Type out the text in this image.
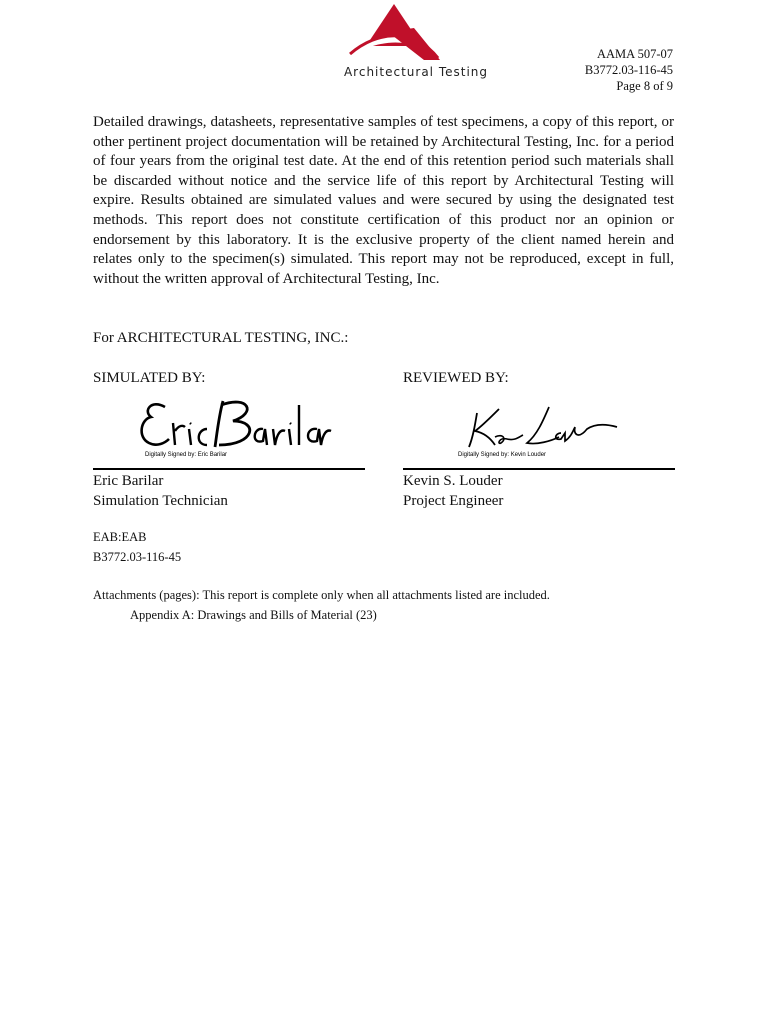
Architectural Testing
AAMA 507-07
B3772.03-116-45
Page 8 of 9
Detailed drawings, datasheets, representative samples of test specimens, a copy of this report, or other pertinent project documentation will be retained by Architectural Testing, Inc. for a period of four years from the original test date. At the end of this retention period such materials shall be discarded without notice and the service life of this report by Architectural Testing will expire. Results obtained are simulated values and were secured by using the designated test methods. This report does not constitute certification of this product nor an opinion or endorsement by this laboratory. It is the exclusive property of the client named herein and relates only to the specimen(s) simulated. This report may not be reproduced, except in full, without the written approval of Architectural Testing, Inc.
For ARCHITECTURAL TESTING, INC.:
SIMULATED BY:
Digitally Signed by: Eric Barilar
Eric Barilar
Simulation Technician
REVIEWED BY:
Digitally Signed by: Kevin Louder
Kevin S. Louder
Project Engineer
EAB:EAB
B3772.03-116-45
Attachments (pages): This report is complete only when all attachments listed are included.
Appendix A: Drawings and Bills of Material (23)
